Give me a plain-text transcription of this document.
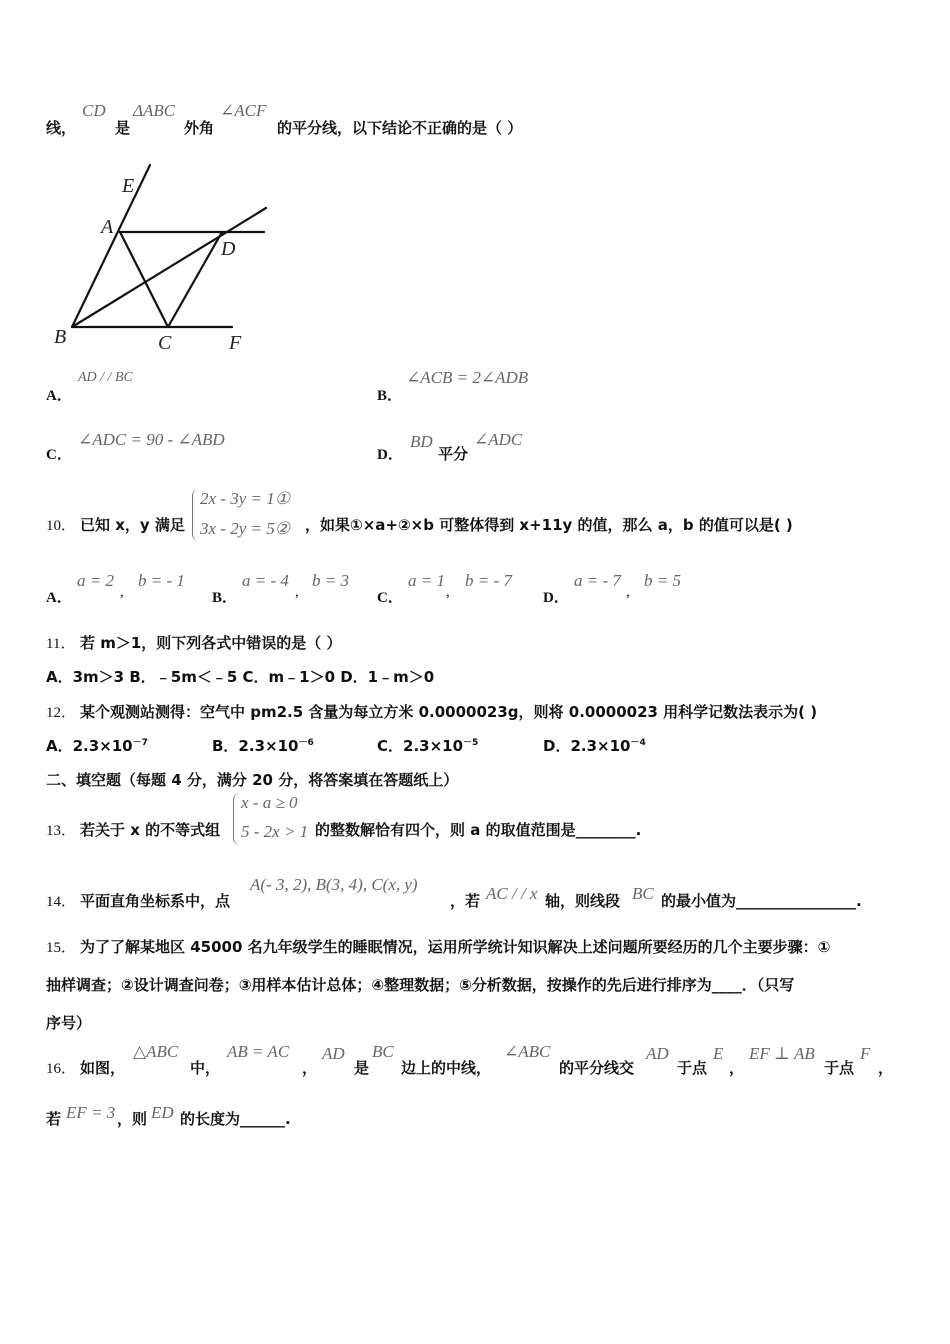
线，
CD
是
ΔABC
外角
∠ACF
的平分线，以下结论不正确的是（ ）
E
A
D
B	C	F
A．
AD / / BC
B．
∠ACB = 2∠ADB
C．
∠ADC = 90 - ∠ABD
D．
BD
平分
∠ADC
10． 已知 x，y 满足
2x - 3y = 1①
3x - 2y = 5② ，如果①×a+②×b 可整体得到 x+11y 的值，那么 a，b 的值可以是( )
A．
a = 2
,
b = - 1
B．
a = - 4
,
b = 3
C．
a = 1
,
b = - 7
D．
a = - 7
,
b = 5
11． 若 m＞1，则下列各式中错误的是（ ）
A．3m＞3 B．﹣5m＜﹣5 C．m﹣1＞0 D．1﹣m＞0
12． 某个观测站测得：空气中 pm2.5 含量为每立方米 0.0000023g，则将 0.0000023 用科学记数法表示为( )
A．$2.3\times 10^{-7}$	B．$2.3\times 10^{-6}$	C．$2.3\times 10^{-5}$	D．$2.3\times 10^{-4}$
二、填空题（每题 4 分，满分 20 分，将答案填在答题纸上）
13． 若关于 x 的不等式组
x - a ≥ 0
5 - 2x > 1 的整数解恰有四个，则 a 的取值范围是________.
14． 平面直角坐标系中，点
A(- 3, 2), B(3, 4), C(x, y)
，若 AC / / x 轴，则线段 BC 的最小值为________________.
15． 为了了解某地区 45000 名九年级学生的睡眠情况，运用所学统计知识解决上述问题所要经历的几个主要步骤：①
抽样调查；②设计调查问卷；③用样本估计总体；④整理数据；⑤分析数据，按操作的先后进行排序为____．（只写
序号）
16． 如图，
△ABC
中，
AB = AC
，
AD
是
BC
边上的中线，
∠ABC
的平分线交
AD
于点
E
，
EF ⊥ AB
于点
F
，
若 EF = 3 ，则 ED 的长度为______.
